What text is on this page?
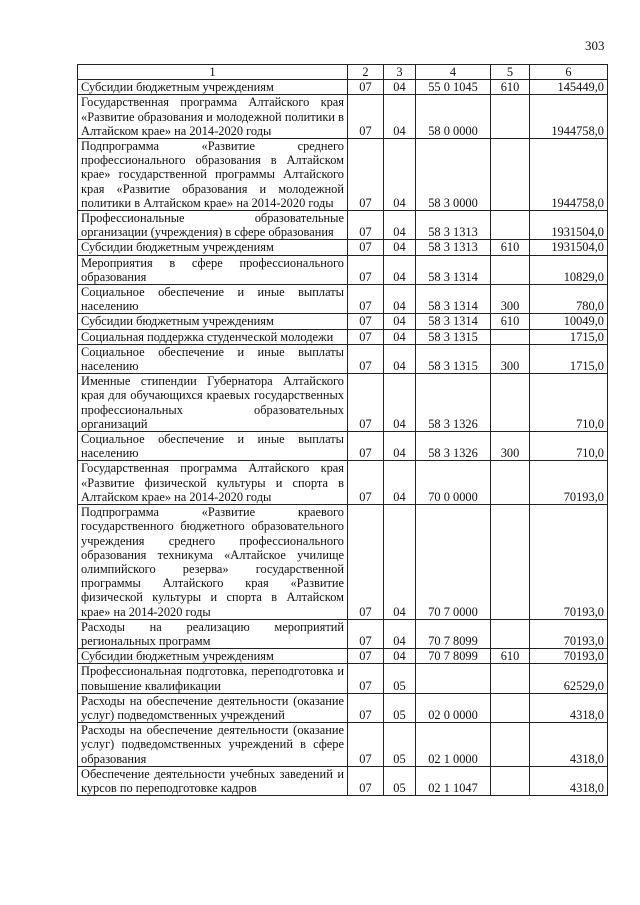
303
1	2	3	4	5	6
Субсидии бюджетным учреждениям	07	04	55 0 1045	610	145449,0
Государственная программа Алтайского края «Развитие образования и молодежной политики в Алтайском крае» на 2014-2020 годы	07	04	58 0 0000		1944758,0
Подпрограмма «Развитие среднего профессионального образования в Алтайском крае» государственной программы Алтайского края «Развитие образования и молодежной политики в Алтайском крае» на 2014-2020 годы	07	04	58 3 0000		1944758,0
Профессиональные образовательные организации (учреждения) в сфере образования	07	04	58 3 1313		1931504,0
Субсидии бюджетным учреждениям	07	04	58 3 1313	610	1931504,0
Мероприятия в сфере профессионального образования	07	04	58 3 1314		10829,0
Социальное обеспечение и иные выплаты населению	07	04	58 3 1314	300	780,0
Субсидии бюджетным учреждениям	07	04	58 3 1314	610	10049,0
Социальная поддержка студенческой молодежи	07	04	58 3 1315		1715,0
Социальное обеспечение и иные выплаты населению	07	04	58 3 1315	300	1715,0
Именные стипендии Губернатора Алтайского края для обучающихся краевых государственных профессиональных образовательных организаций	07	04	58 3 1326		710,0
Социальное обеспечение и иные выплаты населению	07	04	58 3 1326	300	710,0
Государственная программа Алтайского края «Развитие физической культуры и спорта в Алтайском крае» на 2014-2020 годы	07	04	70 0 0000		70193,0
Подпрограмма «Развитие краевого государственного бюджетного образовательного учреждения среднего профессионального образования техникума «Алтайское училище олимпийского резерва» государственной программы Алтайского края «Развитие физической культуры и спорта в Алтайском крае» на 2014-2020 годы	07	04	70 7 0000		70193,0
Расходы на реализацию мероприятий региональных программ	07	04	70 7 8099		70193,0
Субсидии бюджетным учреждениям	07	04	70 7 8099	610	70193,0
Профессиональная подготовка, переподготовка и повышение квалификации	07	05			62529,0
Расходы на обеспечение деятельности (оказание услуг) подведомственных учреждений	07	05	02 0 0000		4318,0
Расходы на обеспечение деятельности (оказание услуг) подведомственных учреждений в сфере образования	07	05	02 1 0000		4318,0
Обеспечение деятельности учебных заведений и курсов по переподготовке кадров	07	05	02 1 1047		4318,0
